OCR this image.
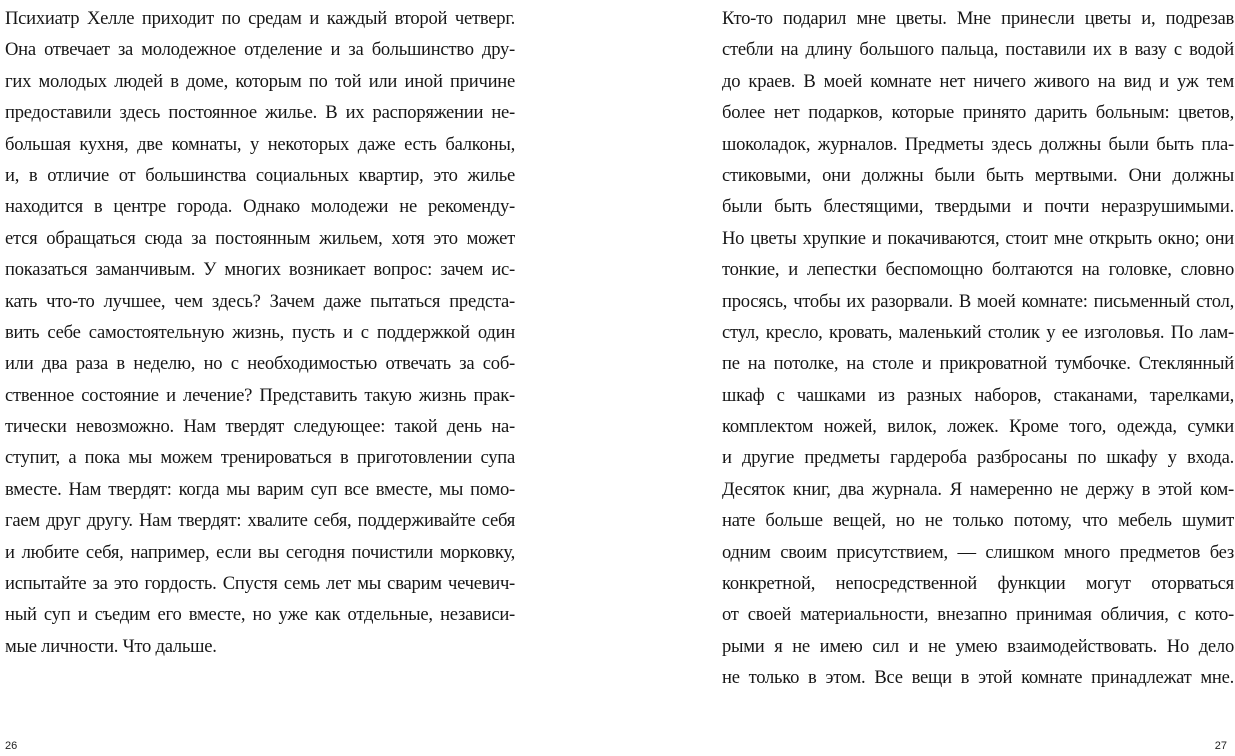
Психиатр Хелле приходит по средам и каждый второй четверг.
Она отвечает за молодежное отделение и за большинство дру-
гих молодых людей в доме, которым по той или иной причине
предоставили здесь постоянное жилье. В их распоряжении не-
большая кухня, две комнаты, у некоторых даже есть балконы,
и, в отличие от большинства социальных квартир, это жилье
находится в центре города. Однако молодежи не рекоменду-
ется обращаться сюда за постоянным жильем, хотя это может
показаться заманчивым. У многих возникает вопрос: зачем ис-
кать что-то лучшее, чем здесь? Зачем даже пытаться предста-
вить себе самостоятельную жизнь, пусть и с поддержкой один
или два раза в неделю, но с необходимостью отвечать за соб-
ственное состояние и лечение? Представить такую жизнь прак-
тически невозможно. Нам твердят следующее: такой день на-
ступит, а пока мы можем тренироваться в приготовлении супа
вместе. Нам твердят: когда мы варим суп все вместе, мы помо-
гаем друг другу. Нам твердят: хвалите себя, поддерживайте себя
и любите себя, например, если вы сегодня почистили морковку,
испытайте за это гордость. Спустя семь лет мы сварим чечевич-
ный суп и съедим его вместе, но уже как отдельные, независи-
мые личности. Что дальше.
26
Кто-то подарил мне цветы. Мне принесли цветы и, подрезав
стебли на длину большого пальца, поставили их в вазу с водой
до краев. В моей комнате нет ничего живого на вид и уж тем
более нет подарков, которые принято дарить больным: цветов,
шоколадок, журналов. Предметы здесь должны были быть пла-
стиковыми, они должны были быть мертвыми. Они должны
были быть блестящими, твердыми и почти неразрушимыми.
Но цветы хрупкие и покачиваются, стоит мне открыть окно; они
тонкие, и лепестки беспомощно болтаются на головке, словно
просясь, чтобы их разорвали. В моей комнате: письменный стол,
стул, кресло, кровать, маленький столик у ее изголовья. По лам-
пе на потолке, на столе и прикроватной тумбочке. Стеклянный
шкаф с чашками из разных наборов, стаканами, тарелками,
комплектом ножей, вилок, ложек. Кроме того, одежда, сумки
и другие предметы гардероба разбросаны по шкафу у входа.
Десяток книг, два журнала. Я намеренно не держу в этой ком-
нате больше вещей, но не только потому, что мебель шумит
одним своим присутствием, — слишком много предметов без
конкретной, непосредственной функции могут оторваться
от своей материальности, внезапно принимая обличия, с кото-
рыми я не имею сил и не умею взаимодействовать. Но дело
не только в этом. Все вещи в этой комнате принадлежат мне.
27
